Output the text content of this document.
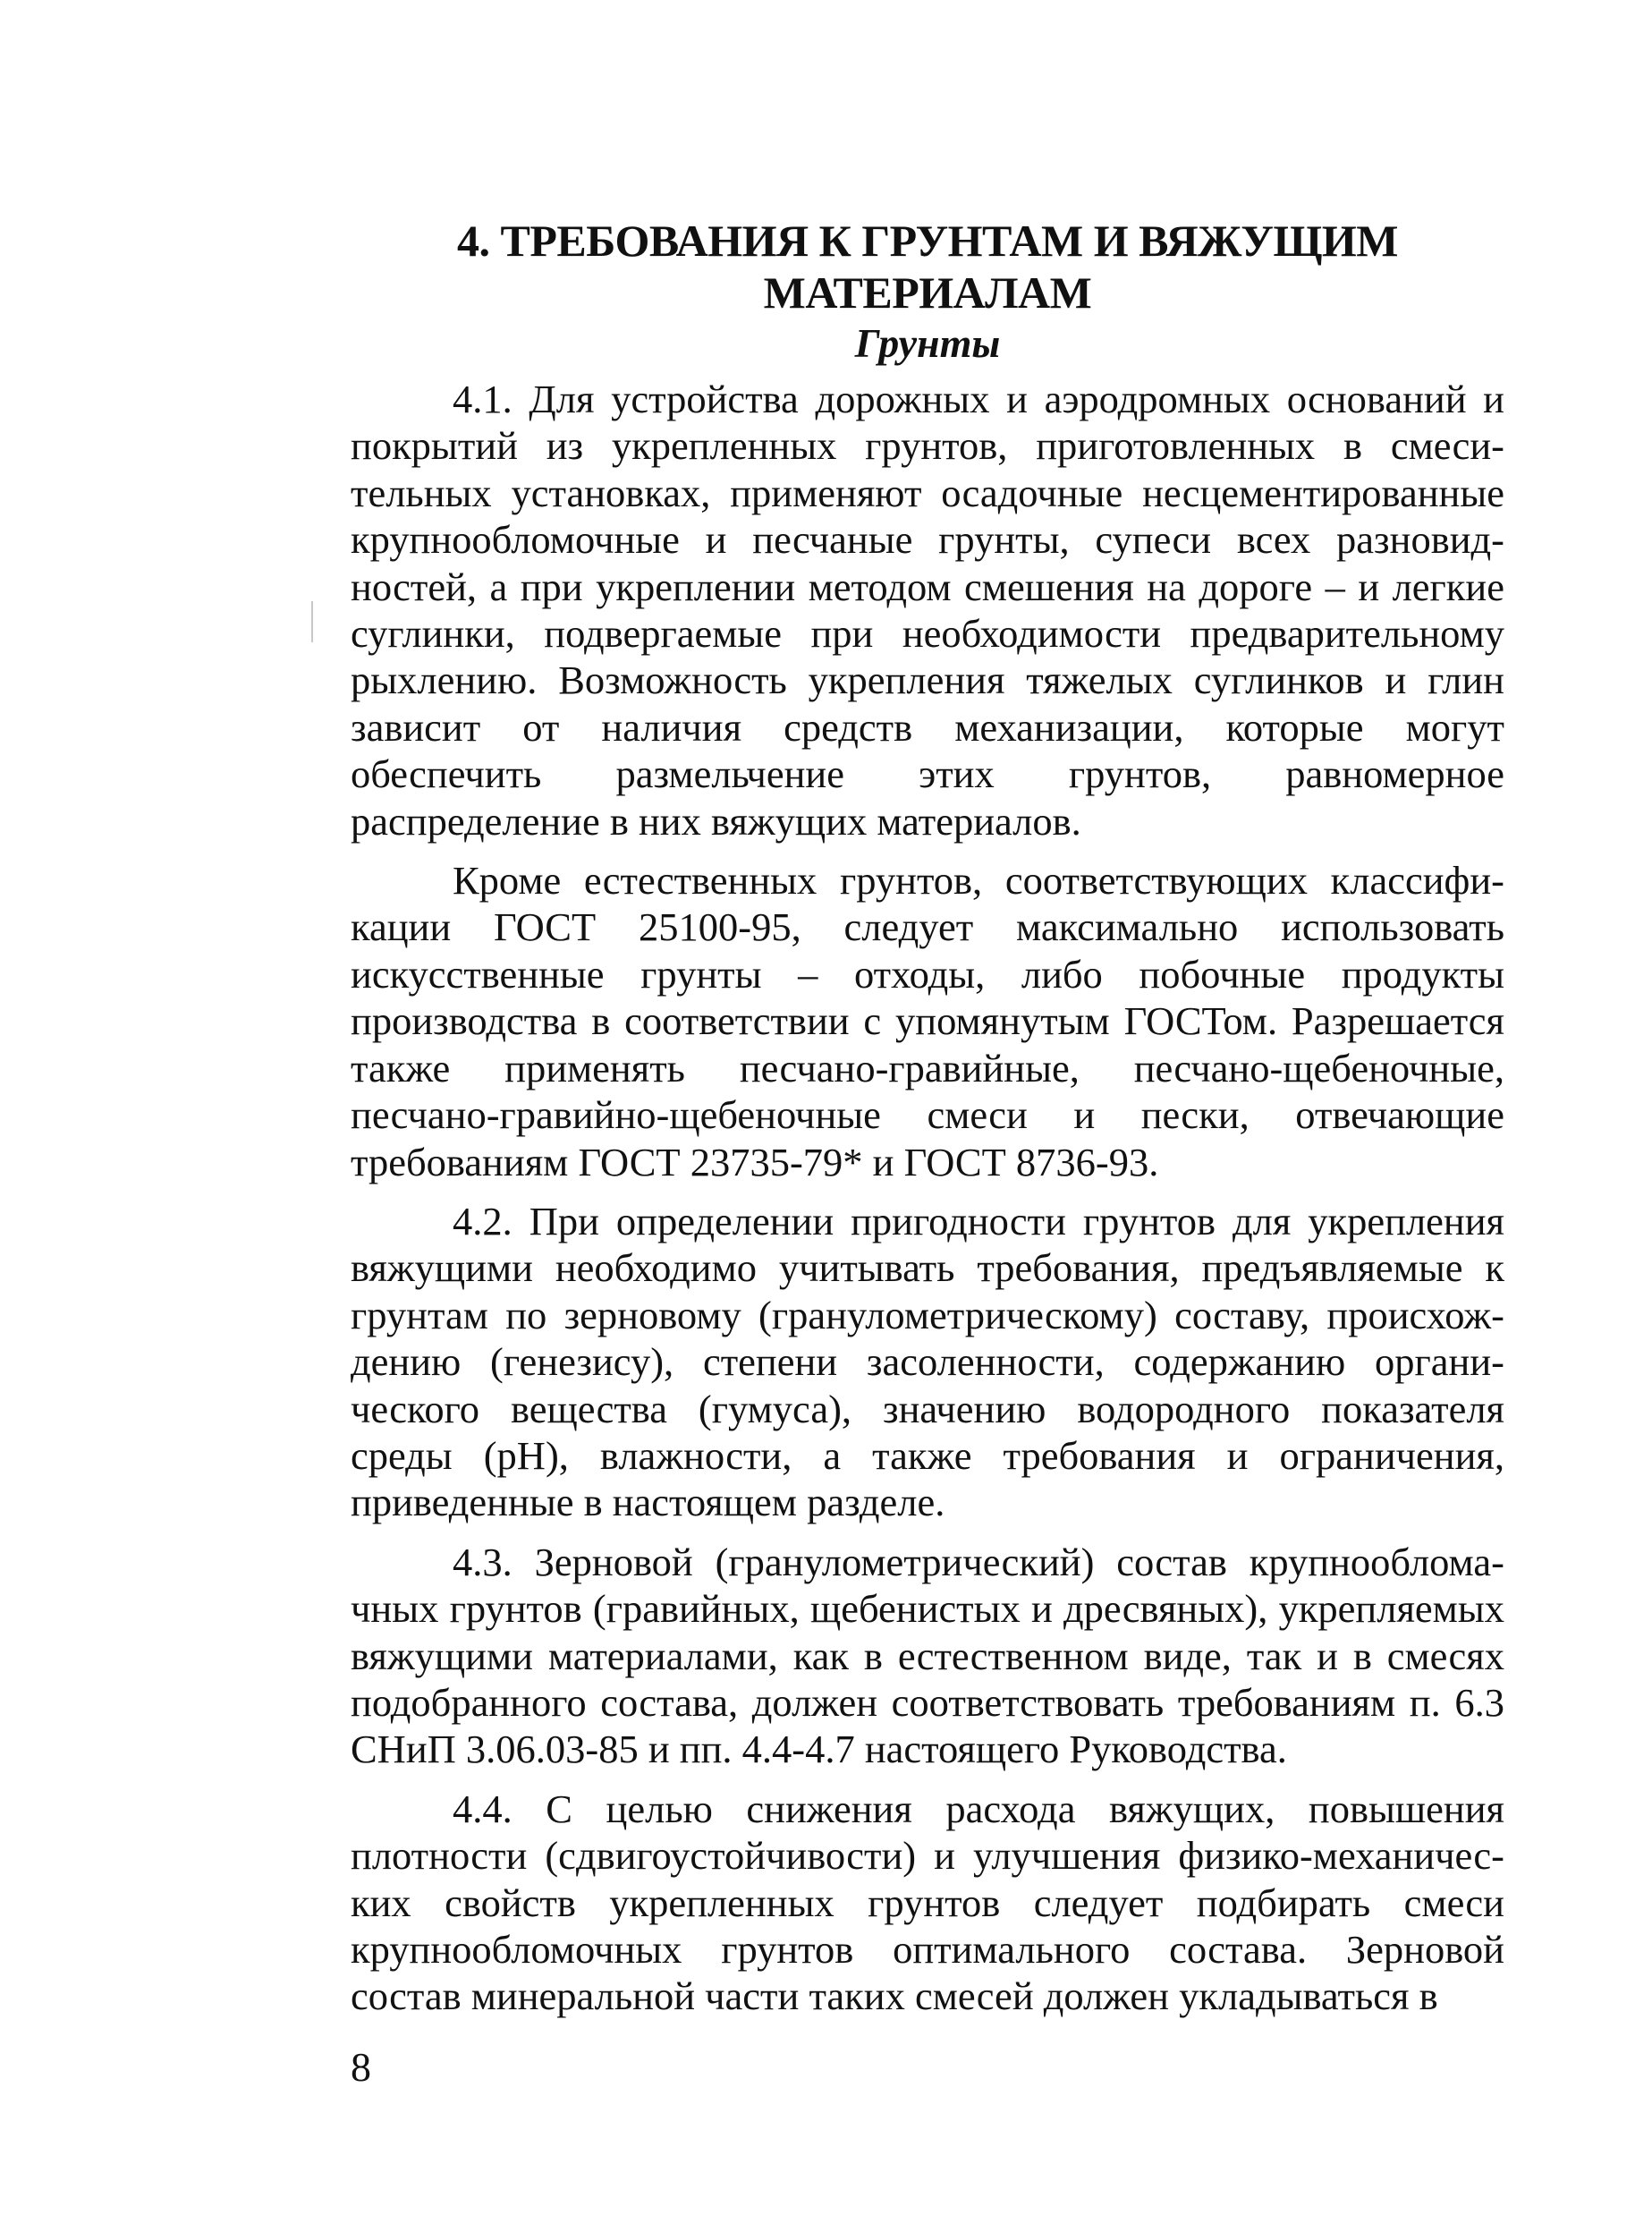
4. ТРЕБОВАНИЯ К ГРУНТАМ И ВЯЖУЩИМ МАТЕРИАЛАМ
Грунты

4.1. Для устройства дорожных и аэродромных оснований и покрытий из укрепленных грунтов, приготовленных в смесительных установках, применяют осадочные несцементированные крупнообломочные и песчаные грунты, супеси всех разновидностей, а при укреплении методом смешения на дороге – и легкие суглинки, подвергаемые при необходимости предварительному рыхлению. Возможность укрепления тяжелых суглинков и глин зависит от наличия средств механизации, которые могут обеспечить размельчение этих грунтов, равномерное распределение в них вяжущих материалов.

Кроме естественных грунтов, соответствующих классификации ГОСТ 25100-95, следует максимально использовать искусственные грунты – отходы, либо побочные продукты производства в соответствии с упомянутым ГОСТом. Разрешается также применять песчано-гравийные, песчано-щебеночные, песчано-гравийно-щебеночные смеси и пески, отвечающие требованиям ГОСТ 23735-79* и ГОСТ 8736-93.

4.2. При определении пригодности грунтов для укрепления вяжущими необходимо учитывать требования, предъявляемые к грунтам по зерновому (гранулометрическому) составу, происхождению (генезису), степени засоленности, содержанию органического вещества (гумуса), значению водородного показателя среды (pH), влажности, а также требования и ограничения, приведенные в настоящем разделе.

4.3. Зерновой (гранулометрический) состав крупнообломачных грунтов (гравийных, щебенистых и дресвяных), укрепляемых вяжущими материалами, как в естественном виде, так и в смесях подобранного состава, должен соответствовать требованиям п. 6.3 СНиП 3.06.03-85 и пп. 4.4-4.7 настоящего Руководства.

4.4. С целью снижения расхода вяжущих, повышения плотности (сдвигоустойчивости) и улучшения физико-механических свойств укрепленных грунтов следует подбирать смеси крупнообломочных грунтов оптимального состава. Зерновой состав минеральной части таких смесей должен укладываться в

8
